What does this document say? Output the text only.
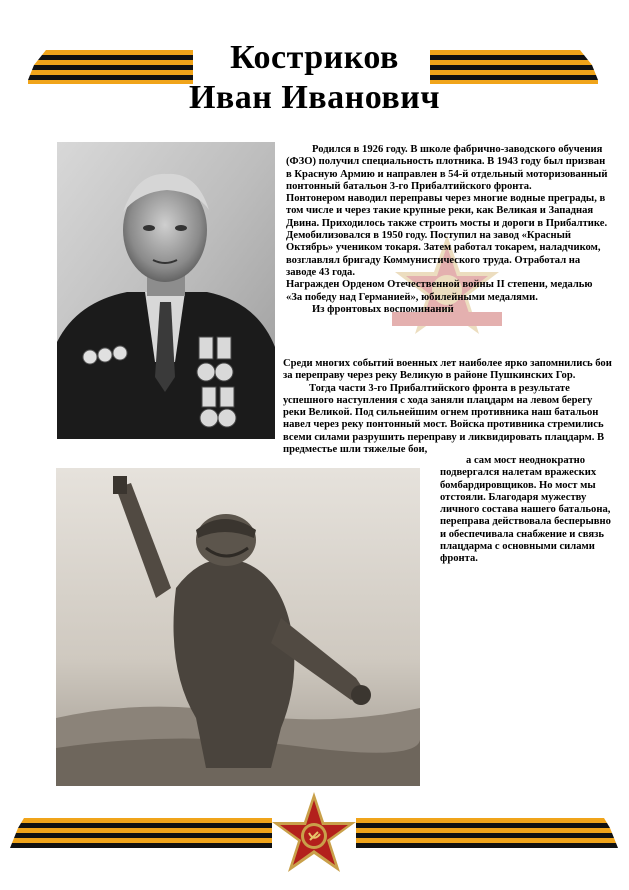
Костриков
Иван Иванович

Родился в 1926 году. В школе фабрично-заводского обучения (ФЗО) получил специальность плотника. В 1943 году был призван в Красную Армию и направлен в 54-й отдельный моторизованный понтонный батальон 3-го Прибалтийского фронта.

Понтонером наводил переправы через многие водные преграды, в том числе и через такие крупные реки, как Великая и Западная Двина. Приходилось также строить мосты и дороги в Прибалтике.

Демобилизовался в 1950 году. Поступил на завод «Красный Октябрь» учеником токаря. Затем работал токарем, наладчиком, возглавлял бригаду Коммунистического труда. Отработал на заводе 43 года.

Награжден Орденом Отечественной войны II степени, медалью «За победу над Германией», юбилейными медалями.

Из фронтовых воспоминаний

Среди многих событий военных лет наиболее ярко запомнились бои за переправу через реку Великую в районе Пушкинских Гор.

Тогда части 3-го Прибалтийского фронта в результате успешного наступления с хода заняли плацдарм на левом берегу реки Великой. Под сильнейшим огнем противника наш батальон навел через реку понтонный мост. Войска противника стремились всеми силами разрушить переправу и ликвидировать плацдарм. В предместье шли тяжелые бои,

а сам мост неоднократно подвергался налетам вражеских бомбардировщиков. Но мост мы отстояли. Благодаря мужеству личного состава нашего батальона, переправа действовала бесперывно и обеспечивала снабжение и связь плацдарма с основными силами фронта.
